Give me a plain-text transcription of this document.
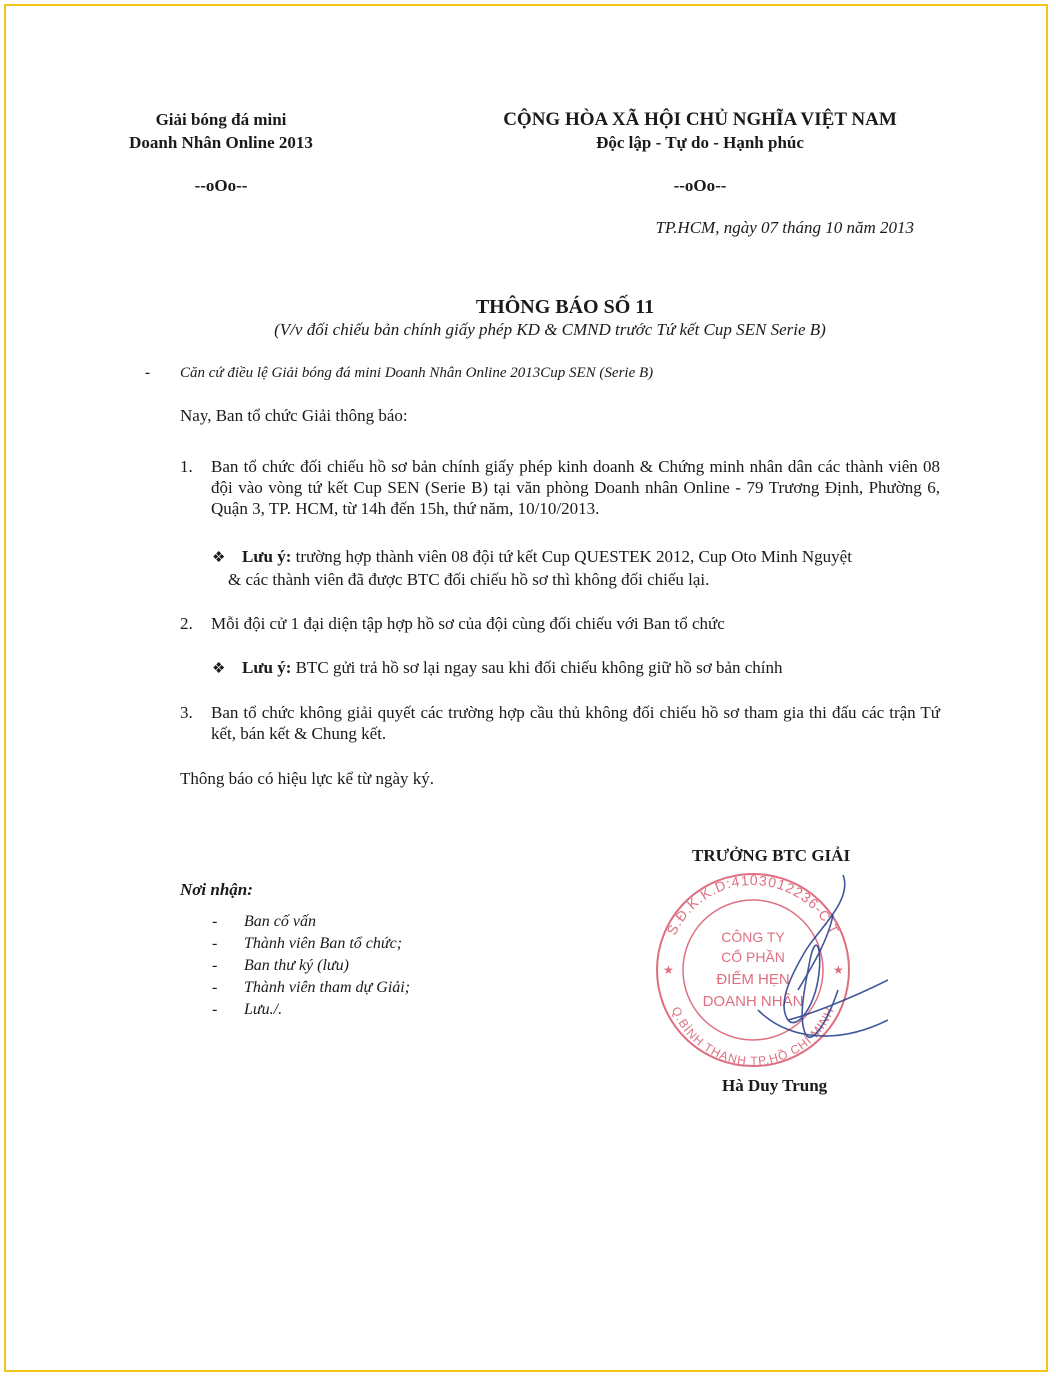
Giải bóng đá mini
Doanh Nhân Online 2013
--oOo--
CỘNG HÒA XÃ HỘI CHỦ NGHĨA VIỆT NAM
Độc lập - Tự do - Hạnh phúc
--oOo--
TP.HCM, ngày 07 tháng 10 năm 2013
THÔNG BÁO SỐ 11
(V/v đối chiếu bản chính giấy phép KD & CMND trước Tứ kết Cup SEN Serie B)
- Căn cứ điều lệ Giải bóng đá mini Doanh Nhân Online 2013Cup SEN (Serie B)
Nay, Ban tổ chức Giải thông báo:
1. Ban tổ chức đối chiếu hồ sơ bản chính giấy phép kinh doanh & Chứng minh nhân dân các thành viên 08 đội vào vòng tứ kết Cup SEN (Serie B) tại văn phòng Doanh nhân Online - 79 Trương Định, Phường 6, Quận 3, TP. HCM, từ 14h đến 15h, thứ năm, 10/10/2013.
❖ Lưu ý: trường hợp thành viên 08 đội tứ kết Cup QUESTEK 2012, Cup Oto Minh Nguyệt
& các thành viên đã được BTC đối chiếu hồ sơ thì không đối chiếu lại.
2. Mỗi đội cử 1 đại diện tập hợp hồ sơ của đội cùng đối chiếu với Ban tổ chức
❖ Lưu ý: BTC gửi trả hồ sơ lại ngay sau khi đối chiếu không giữ hồ sơ bản chính
3. Ban tổ chức không giải quyết các trường hợp cầu thủ không đối chiếu hồ sơ tham gia thi đấu các trận Tứ kết, bán kết & Chung kết.
Thông báo có hiệu lực kể từ ngày ký.
TRƯỞNG BTC GIẢI
S.Đ.K.K.D:4103012236-C.T
Q.BÌNH THẠNH TP.HỒ CHÍ MINH
★	★
CÔNG TY
CỔ PHẦN
ĐIỂM HẸN
DOANH NHÂN
Hà Duy Trung
Nơi nhận:
- Ban cố vấn
- Thành viên Ban tổ chức;
- Ban thư ký (lưu)
- Thành viên tham dự Giải;
- Lưu./.
